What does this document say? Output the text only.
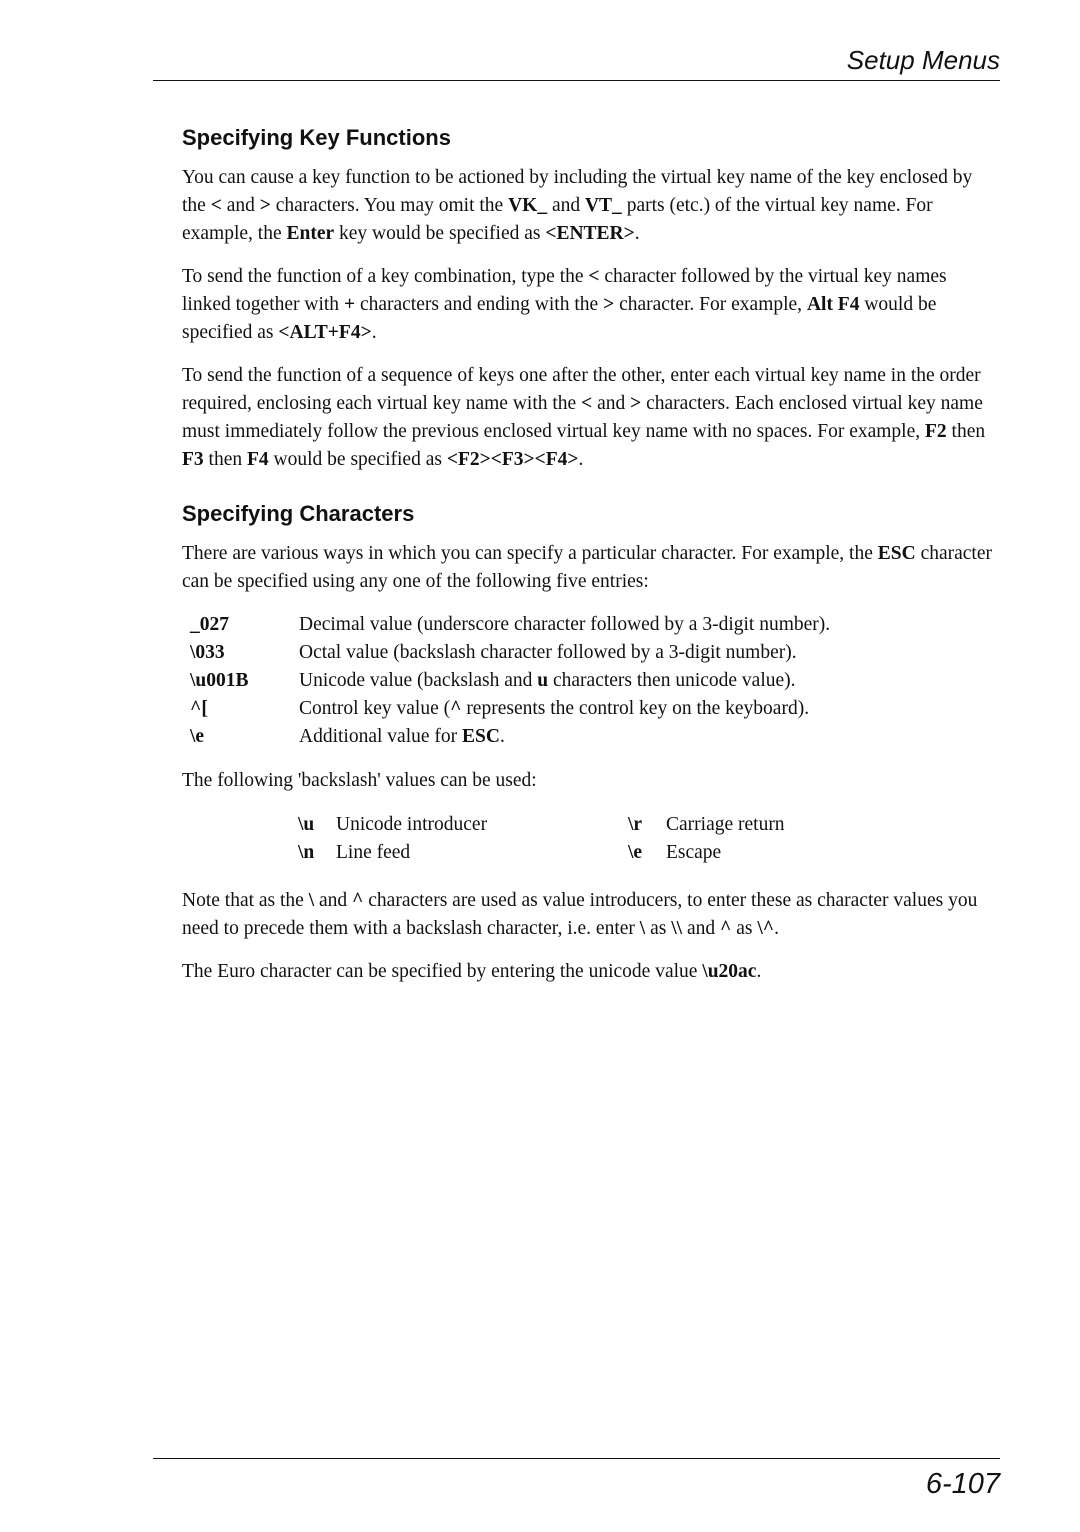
Setup Menus
Specifying Key Functions

You can cause a key function to be actioned by including the virtual key name of the key enclosed by the < and > characters. You may omit the VK_ and VT_ parts (etc.) of the virtual key name. For example, the Enter key would be specified as <ENTER>.

To send the function of a key combination, type the < character followed by the virtual key names linked together with + characters and ending with the > character. For example, Alt F4 would be specified as <ALT+F4>.

To send the function of a sequence of keys one after the other, enter each virtual key name in the order required, enclosing each virtual key name with the < and > characters. Each enclosed virtual key name must immediately follow the previous enclosed virtual key name with no spaces. For example, F2 then F3 then F4 would be specified as <F2><F3><F4>.

Specifying Characters

There are various ways in which you can specify a particular character. For example, the ESC character can be specified using any one of the following five entries:

_027	Decimal value (underscore character followed by a 3-digit number).
\033	Octal value (backslash character followed by a 3-digit number).
\u001B	Unicode value (backslash and u characters then unicode value).
^[	Control key value (^ represents the control key on the keyboard).
\e	Additional value for ESC.

The following 'backslash' values can be used:

\u	Unicode introducer	\r	Carriage return
\n	Line feed	\e	Escape

Note that as the \ and ^ characters are used as value introducers, to enter these as character values you need to precede them with a backslash character, i.e. enter \ as \\ and ^ as \^.

The Euro character can be specified by entering the unicode value \u20ac.

6-107
